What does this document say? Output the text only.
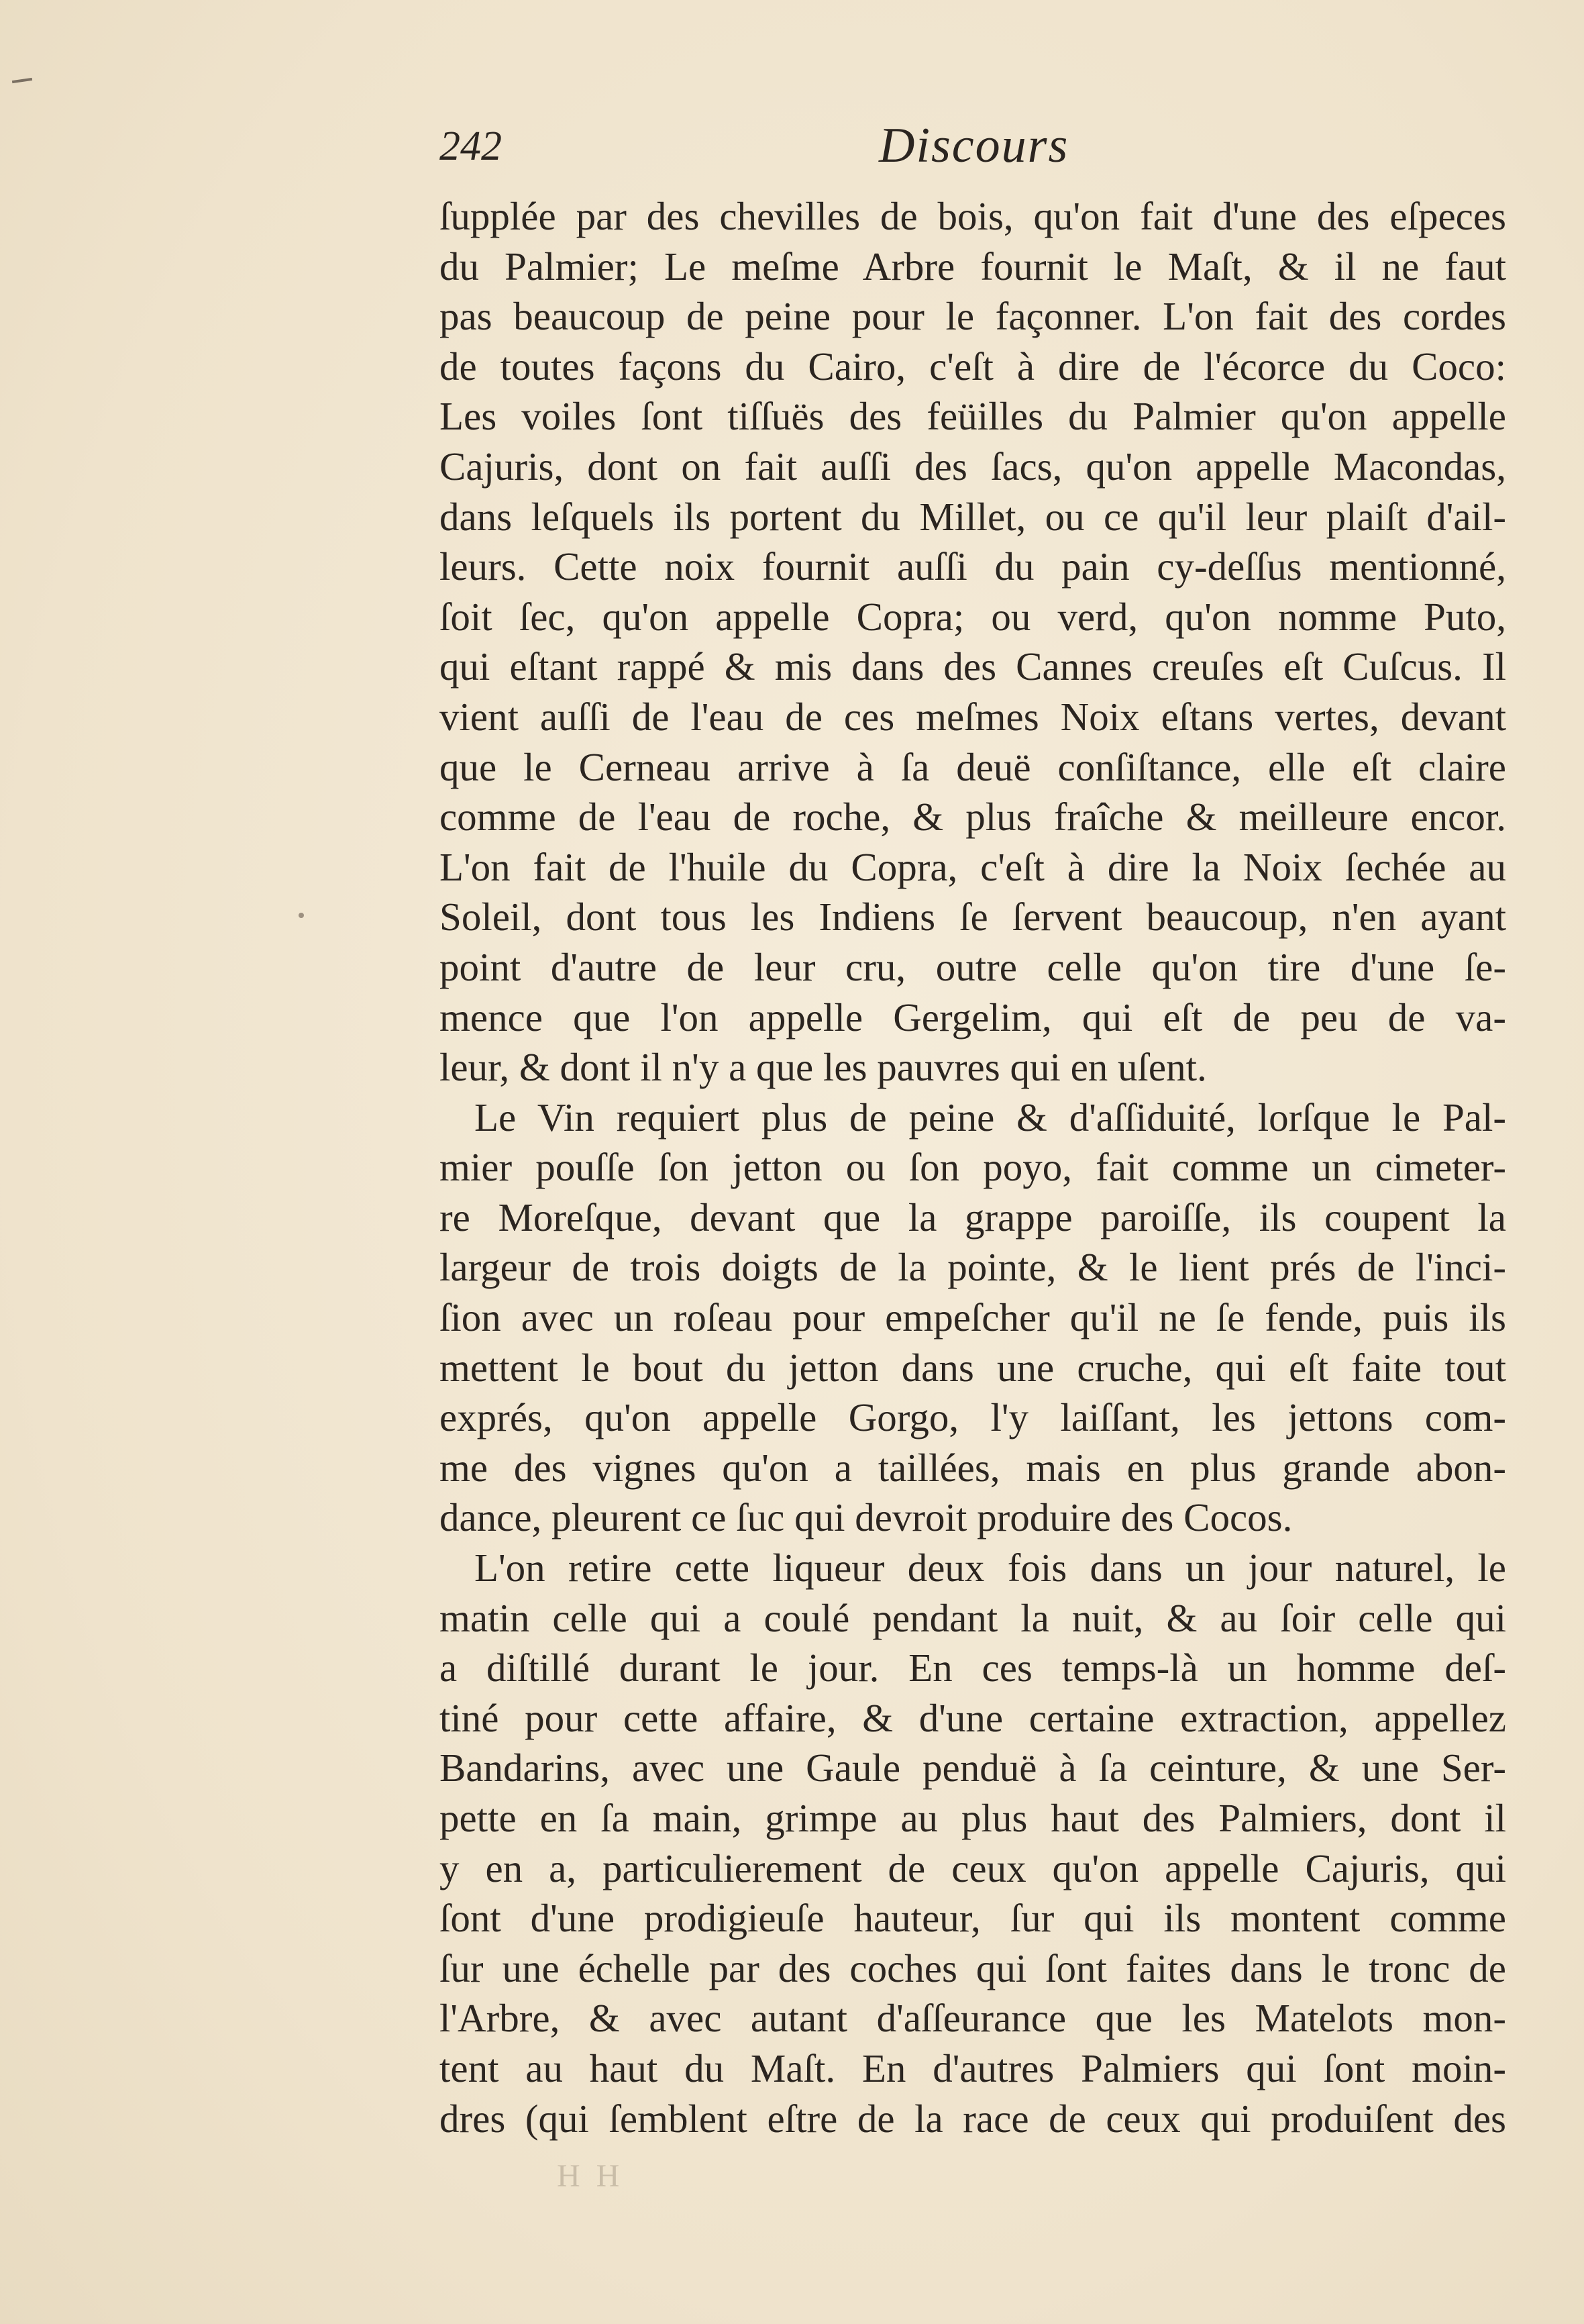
242	Discours
ſupplée par des chevilles de bois, qu'on fait d'une des eſpeces
du Palmier; Le meſme Arbre fournit le Maſt, & il ne faut
pas beaucoup de peine pour le façonner. L'on fait des cordes
de toutes façons du Cairo, c'eſt à dire de l'écorce du Coco:
Les voiles ſont tiſſuës des feüilles du Palmier qu'on appelle
Cajuris, dont on fait auſſi des ſacs, qu'on appelle Macondas,
dans leſquels ils portent du Millet, ou ce qu'il leur plaiſt d'ail-
leurs. Cette noix fournit auſſi du pain cy-deſſus mentionné,
ſoit ſec, qu'on appelle Copra; ou verd, qu'on nomme Puto,
qui eſtant rappé & mis dans des Cannes creuſes eſt Cuſcus. Il
vient auſſi de l'eau de ces meſmes Noix eſtans vertes, devant
que le Cerneau arrive à ſa deuë conſiſtance, elle eſt claire
comme de l'eau de roche, & plus fraîche & meilleure encor.
L'on fait de l'huile du Copra, c'eſt à dire la Noix ſechée au
Soleil, dont tous les Indiens ſe ſervent beaucoup, n'en ayant
point d'autre de leur cru, outre celle qu'on tire d'une ſe-
mence que l'on appelle Gergelim, qui eſt de peu de va-
leur, & dont il n'y a que les pauvres qui en uſent.
Le Vin requiert plus de peine & d'aſſiduité, lorſque le Pal-
mier pouſſe ſon jetton ou ſon poyo, fait comme un cimeter-
re Moreſque, devant que la grappe paroiſſe, ils coupent la
largeur de trois doigts de la pointe, & le lient prés de l'inci-
ſion avec un roſeau pour empeſcher qu'il ne ſe fende, puis ils
mettent le bout du jetton dans une cruche, qui eſt faite tout
exprés, qu'on appelle Gorgo, l'y laiſſant, les jettons com-
me des vignes qu'on a taillées, mais en plus grande abon-
dance, pleurent ce ſuc qui devroit produire des Cocos.
L'on retire cette liqueur deux fois dans un jour naturel, le
matin celle qui a coulé pendant la nuit, & au ſoir celle qui
a diſtillé durant le jour. En ces temps-là un homme deſ-
tiné pour cette affaire, & d'une certaine extraction, appellez
Bandarins, avec une Gaule penduë à ſa ceinture, & une Ser-
pette en ſa main, grimpe au plus haut des Palmiers, dont il
y en a, particulierement de ceux qu'on appelle Cajuris, qui
ſont d'une prodigieuſe hauteur, ſur qui ils montent comme
ſur une échelle par des coches qui ſont faites dans le tronc de
l'Arbre, & avec autant d'aſſeurance que les Matelots mon-
tent au haut du Maſt. En d'autres Palmiers qui ſont moin-
dres (qui ſemblent eſtre de la race de ceux qui produiſent des
H H
